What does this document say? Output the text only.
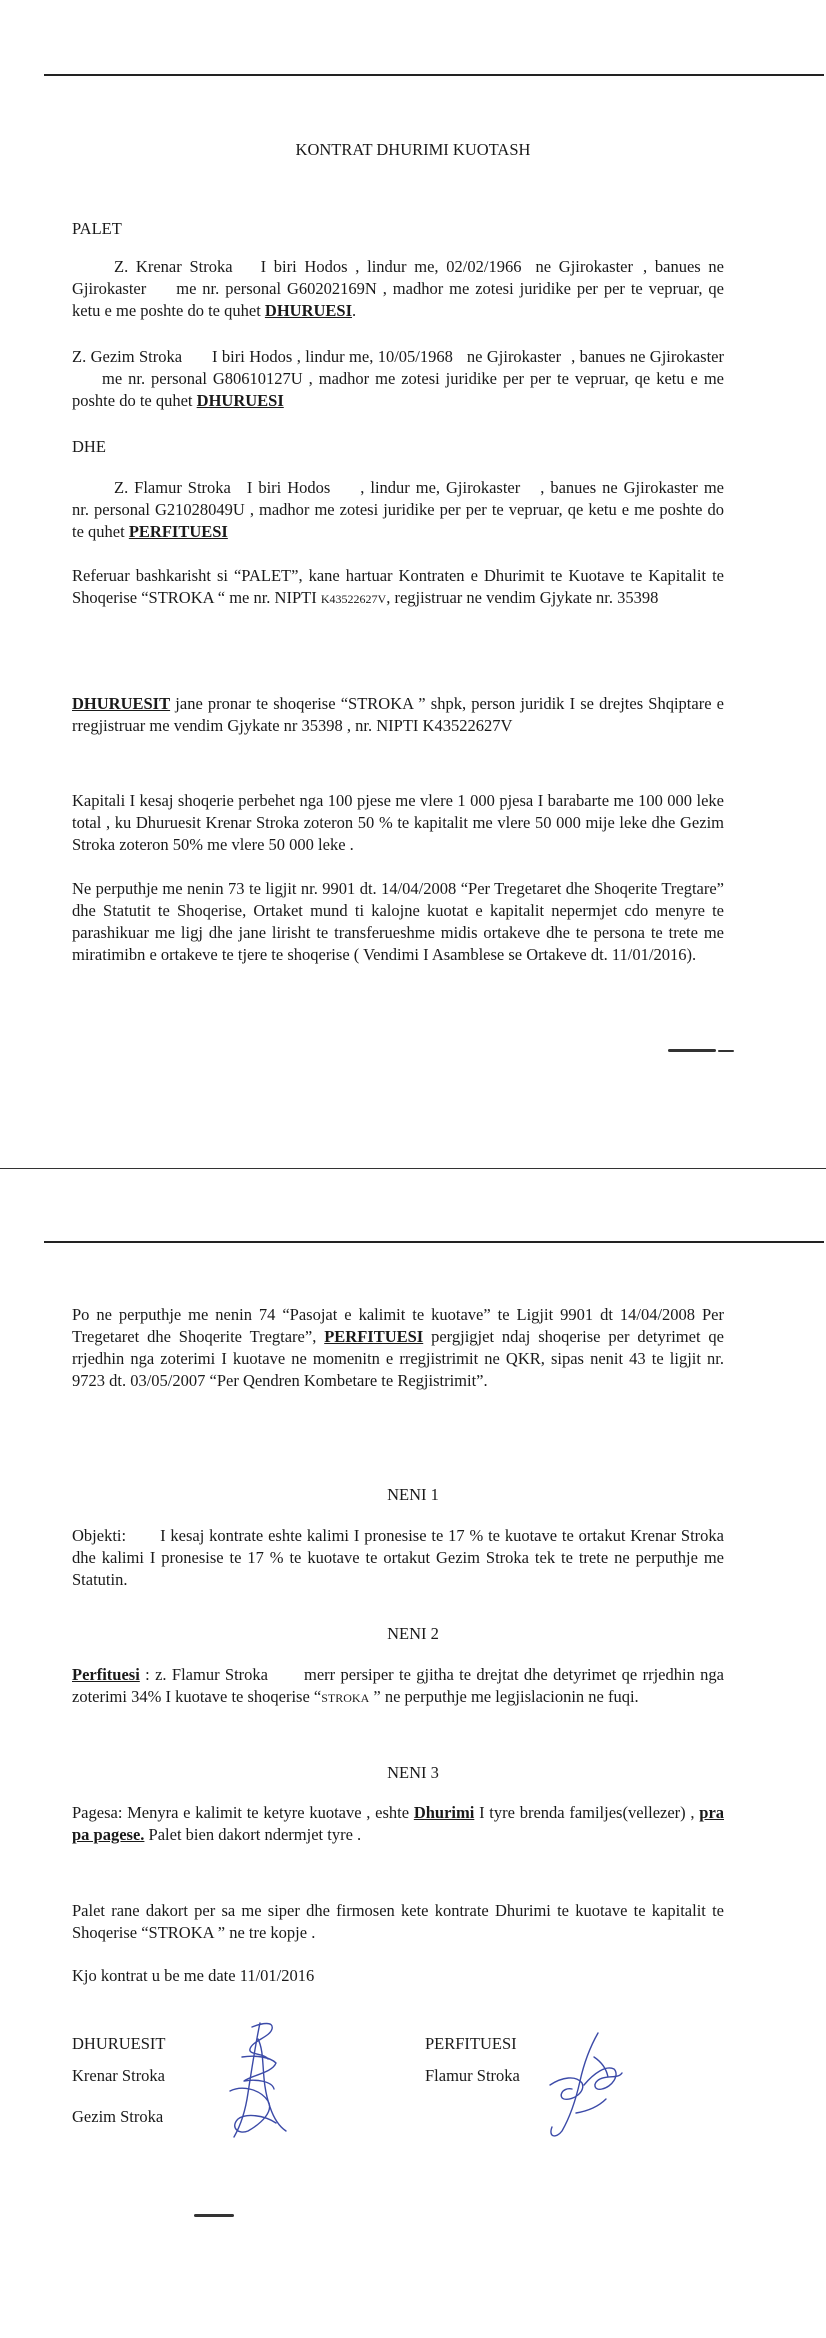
KONTRAT DHURIMI KUOTASH

PALET

Z. Krenar Stroka I biri Hodos , lindur me, 02/02/1966 ne Gjirokaster , banues ne Gjirokaster me nr. personal G60202169N , madhor me zotesi juridike per per te vepruar, qe ketu e me poshte do te quhet DHURUESI.

Z. Gezim Stroka I biri Hodos , lindur me, 10/05/1968 ne Gjirokaster , banues ne Gjirokasterme nr. personal G80610127U , madhor me zotesi juridike per per te vepruar, qe ketu e me poshte do te quhet DHURUESI

DHE

Z. Flamur Stroka I biri Hodos , lindur me, Gjirokaster , banues ne Gjirokaster me nr. personal G21028049U , madhor me zotesi juridike per per te vepruar, qe ketu e me poshte do te quhet PERFITUESI

Referuar bashkarisht si “PALET”, kane hartuar Kontraten e Dhurimit te Kuotave te Kapitalit te Shoqerise “STROKA “ me nr. NIPTI K43522627V, regjistruar ne vendim Gjykate nr. 35398

DHURUESIT jane pronar te shoqerise “STROKA ” shpk, person juridik I se drejtes Shqiptare e rregjistruar me vendim Gjykate nr 35398 , nr. NIPTI K43522627V

Kapitali I kesaj shoqerie perbehet nga 100 pjese me vlere 1 000 pjesa I barabarte me 100 000 leke total , ku Dhuruesit Krenar Stroka zoteron 50 % te kapitalit me vlere 50 000 mije leke dhe Gezim Stroka zoteron 50% me vlere 50 000 leke .

Ne perputhje me nenin 73 te ligjit nr. 9901 dt. 14/04/2008 “Per Tregetaret dhe Shoqerite Tregtare” dhe Statutit te Shoqerise, Ortaket mund ti kalojne kuotat e kapitalit nepermjet cdo menyre te parashikuar me ligj dhe jane lirisht te transferueshme midis ortakeve dhe te persona te trete me miratimibn e ortakeve te tjere te shoqerise ( Vendimi I Asamblese se Ortakeve dt. 11/01/2016).

Po ne perputhje me nenin 74 “Pasojat e kalimit te kuotave” te Ligjit 9901 dt 14/04/2008 Per Tregetaret dhe Shoqerite Tregtare”, PERFITUESI pergjigjet ndaj shoqerise per detyrimet qe rrjedhin nga zoterimi I kuotave ne momenitn e rregjistrimit ne QKR, sipas nenit 43 te ligjit nr. 9723 dt. 03/05/2007 “Per Qendren Kombetare te Regjistrimit”.

NENI 1

Objekti: I kesaj kontrate eshte kalimi I pronesise te 17 % te kuotave te ortakut Krenar Stroka dhe kalimi I pronesise te 17 % te kuotave te ortakut Gezim Stroka tek te trete ne perputhje me Statutin.

NENI 2

Perfituesi : z. Flamur Stroka merr persiper te gjitha te drejtat dhe detyrimet qe rrjedhin nga zoterimi 34% I kuotave te shoqerise “STROKA ” ne perputhje me legjislacionin ne fuqi.

NENI 3

Pagesa: Menyra e kalimit te ketyre kuotave , eshte Dhurimi I tyre brenda familjes(vellezer) , pra pa pagese. Palet bien dakort ndermjet tyre .

Palet rane dakort per sa me siper dhe firmosen kete kontrate Dhurimi te kuotave te kapitalit te Shoqerise “STROKA ” ne tre kopje .

Kjo kontrat u be me date 11/01/2016

DHURUESIT	PERFITUESI

Krenar Stroka	Flamur Stroka

Gezim Stroka
